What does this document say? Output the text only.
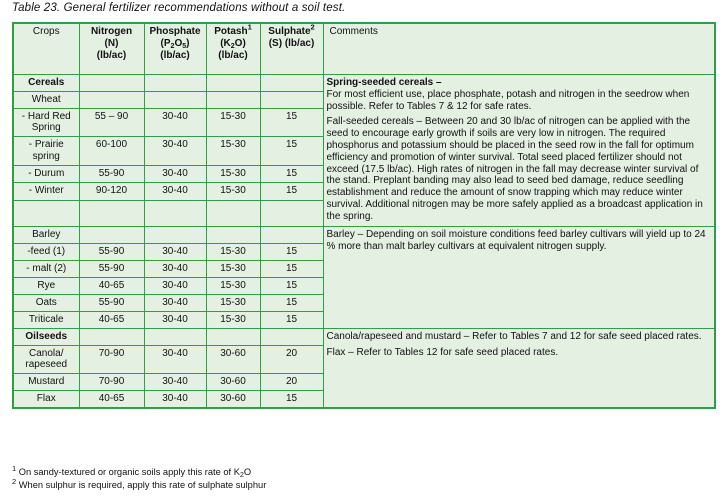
Table 23. General fertilizer recommendations without a soil test.
Crops	Nitrogen
(N)
(lb/ac)	Phosphate
$(P_2O_5)$
(lb/ac)	Potash$^1$
$(K_2O)$
(lb/ac)	Sulphate$^2$
(S) (lb/ac)	Comments

Cereals					Spring-seeded cereals –
For most efficient use, place phosphate, potash and nitrogen in the seedrow when possible. Refer to Tables 7 & 12 for safe rates.

Fall-seeded cereals – Between 20 and 30 lb/ac of nitrogen can be applied with the seed to encourage early growth if soils are very low in nitrogen. The required phosphorus and potassium should be placed in the seed row in the fall for optimum efficiency and promotion of winter survival. Total seed placed fertilizer should not exceed (17.5 lb/ac). High rates of nitrogen in the fall may decrease winter survival of the stand. Preplant banding may also lead to seed bed damage, reduce seedling establishment and reduce the amount of snow trapping which may reduce winter survival. Additional nitrogen may be more safely applied as a broadcast application in the spring.

Wheat					
- Hard Red Spring	55 – 90	30-40	15-30	15	
- Prairie spring	60-100	30-40	15-30	15	
- Durum	55-90	30-40	15-30	15	
- Winter	90-120	30-40	15-30	15	

Barley					Barley – Depending on soil moisture conditions feed barley cultivars will yield up to 24 % more than malt barley cultivars at equivalent nitrogen supply.

-feed (1)	55-90	30-40	15-30	15	
- malt (2)	55-90	30-40	15-30	15	
Rye	40-65	30-40	15-30	15	
Oats	55-90	30-40	15-30	15	
Triticale	40-65	30-40	15-30	15	
Oilseeds					Canola/rapeseed and mustard – Refer to Tables 7 and 12 for safe seed placed rates.

Flax – Refer to Tables 12 for safe seed placed rates.

Canola/ rapeseed	70-90	30-40	30-60	20	
Mustard	70-90	30-40	30-60	20	
Flax	40-65	30-40	30-60	15	
$^1$ On sandy-textured or organic soils apply this rate of $K_2O$
$^2$ When sulphur is required, apply this rate of sulphate sulphur
